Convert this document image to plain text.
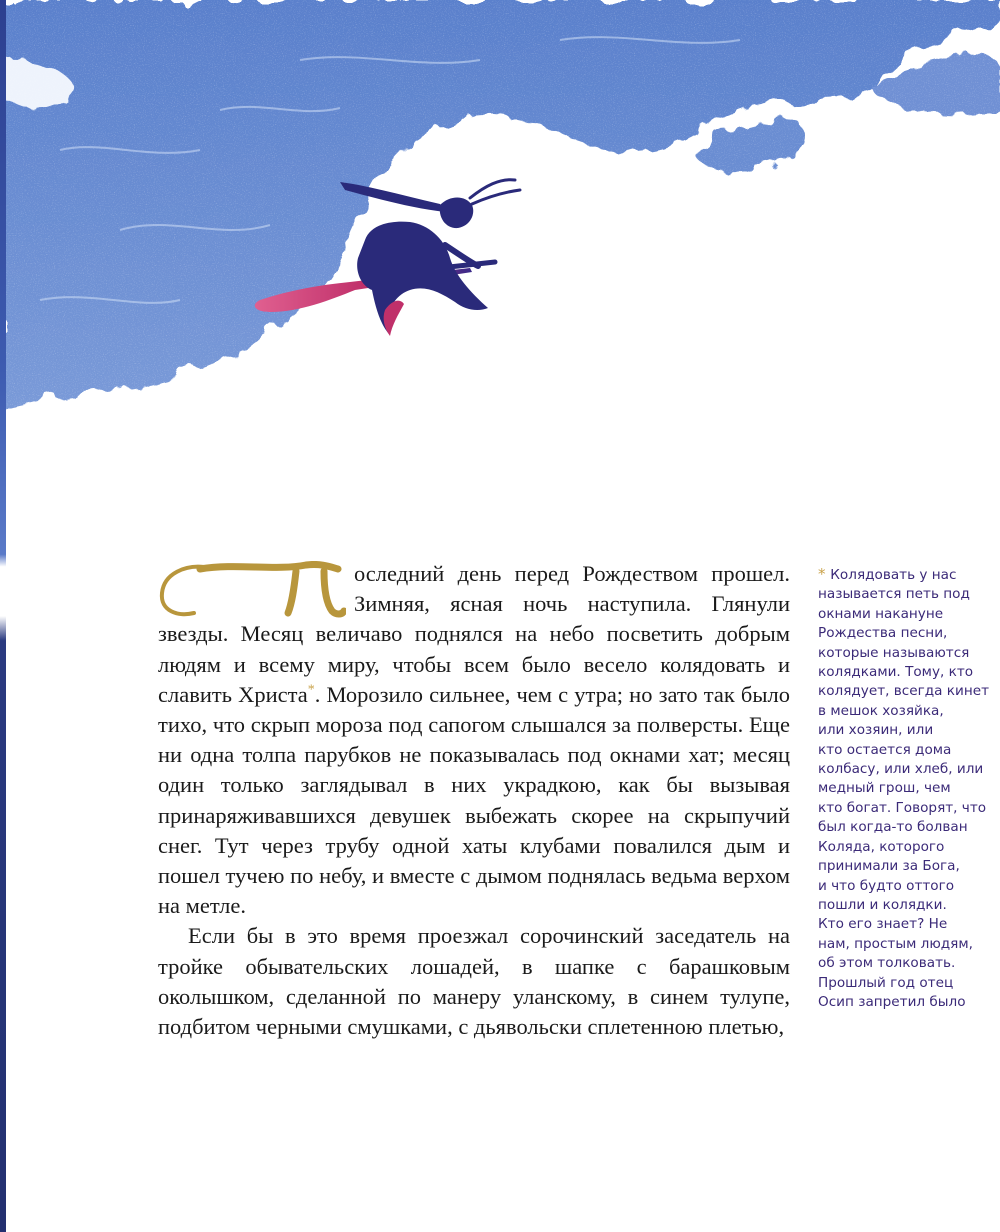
оследний день перед Рождеством прошел. Зимняя, ясная ночь наступила. Глянули звезды. Месяц величаво поднялся на небо посветить добрым людям и всему миру, чтобы всем было весело колядовать и славить Христа*. Морозило сильнее, чем с утра; но зато так было тихо, что скрып мороза под сапогом слышался за полверсты. Еще ни одна толпа парубков не показывалась под окнами хат; месяц один только заглядывал в них украдкою, как бы вызывая принаряживавшихся девушек выбежать скорее на скрыпучий снег. Тут через трубу одной хаты клубами повалился дым и пошел тучею по небу, и вместе с дымом поднялась ведьма верхом на метле.

Если бы в это время проезжал сорочинский заседатель на тройке обывательских лошадей, в шапке с барашковым околышком, сделанной по манеру уланскому, в синем тулупе, подбитом черными смушками, с дьявольски сплетенною плетью,

* Колядовать у нас
называется петь под
окнами накануне
Рождества песни,
которые называются
колядками. Тому, кто
колядует, всегда кинет
в мешок хозяйка,
или хозяин, или
кто остается дома
колбасу, или хлеб, или
медный грош, чем
кто богат. Говорят, что
был когда-то болван
Коляда, которого
принимали за Бога,
и что будто оттого
пошли и колядки.
Кто его знает? Не
нам, простым людям,
об этом толковать.
Прошлый год отец
Осип запретил было
